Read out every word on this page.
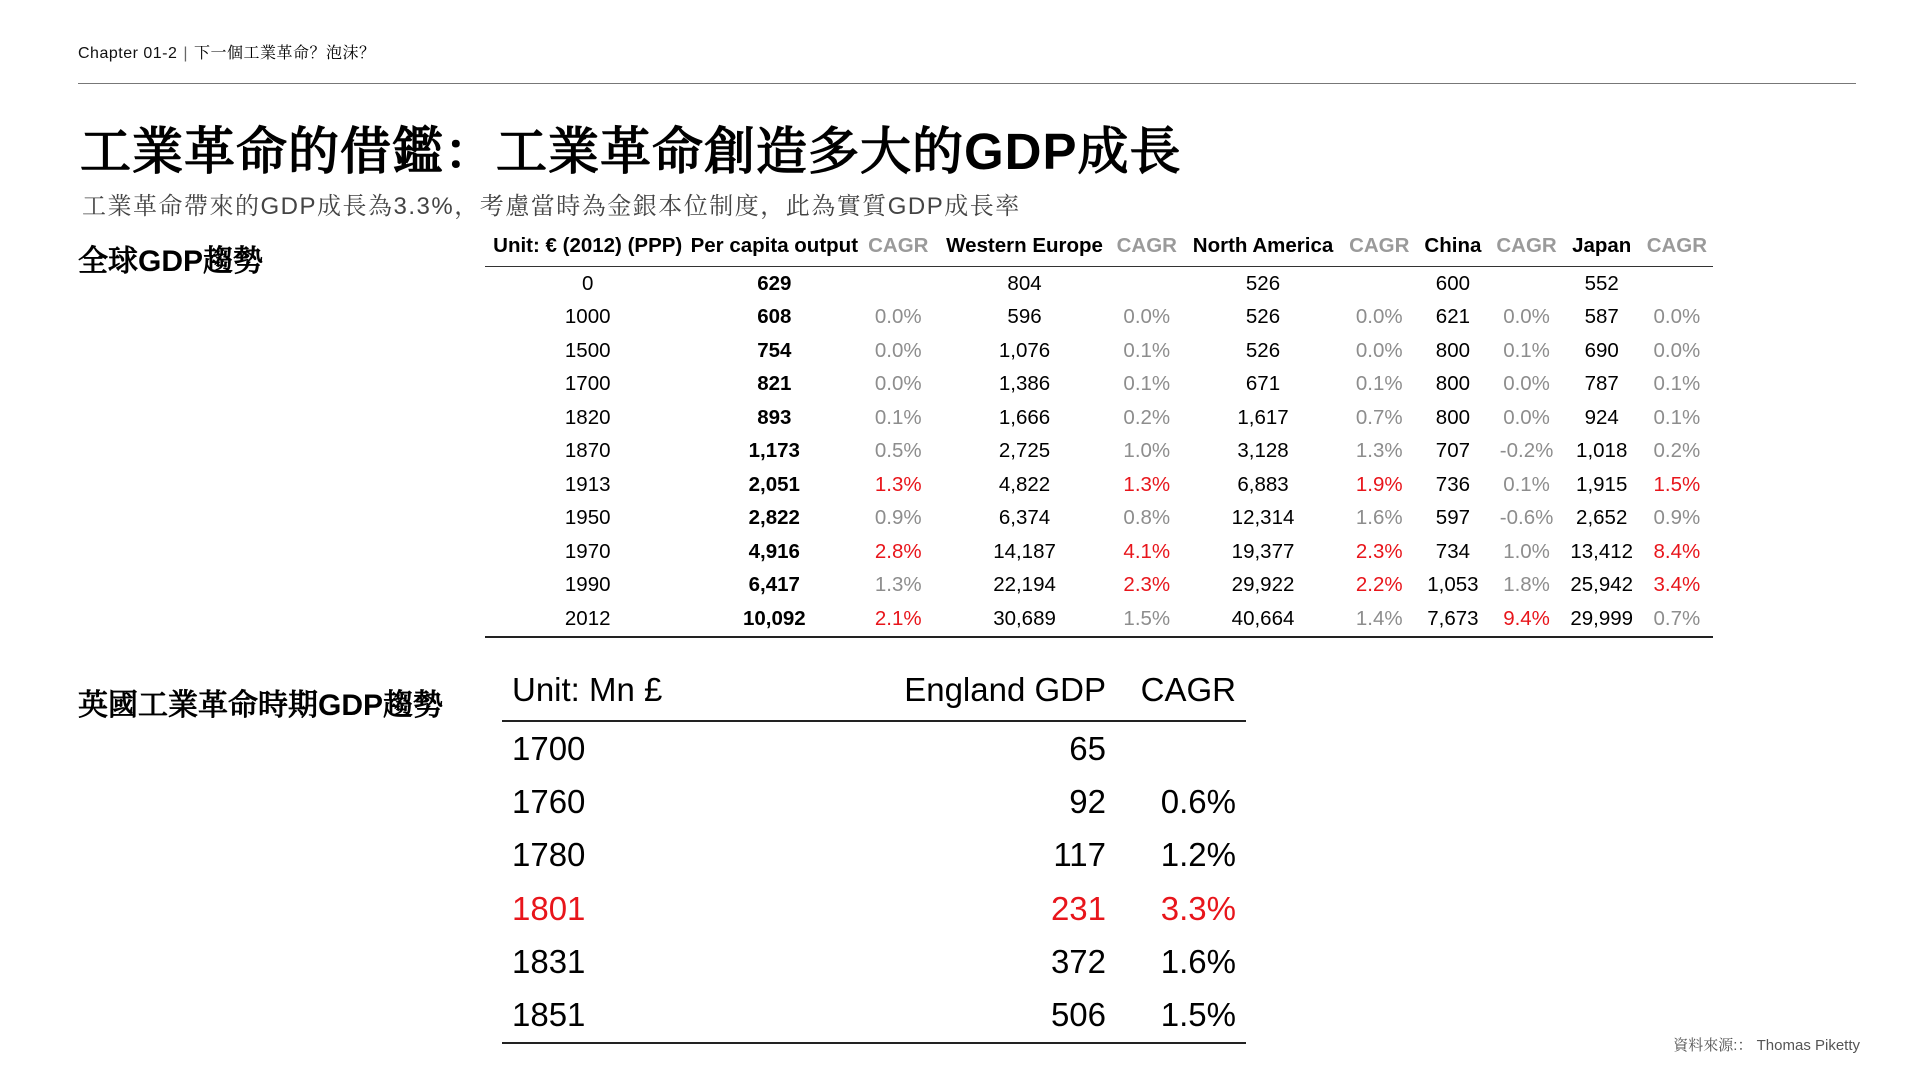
Chapter 01-2 | 下一個工業革命？泡沫？
工業革命的借鑑：工業革命創造多大的GDP成長
工業革命帶來的GDP成長為3.3%，考慮當時為金銀本位制度，此為實質GDP成長率
全球GDP趨勢	Unit: € (2012) (PPP)	Per capita output	CAGR	Western Europe	CAGR	North America	CAGR	China	CAGR	Japan	CAGR
0	629		804		526		600		552	
1000	608	0.0%	596	0.0%	526	0.0%	621	0.0%	587	0.0%
1500	754	0.0%	1,076	0.1%	526	0.0%	800	0.1%	690	0.0%
1700	821	0.0%	1,386	0.1%	671	0.1%	800	0.0%	787	0.1%
1820	893	0.1%	1,666	0.2%	1,617	0.7%	800	0.0%	924	0.1%
1870	1,173	0.5%	2,725	1.0%	3,128	1.3%	707	-0.2%	1,018	0.2%
1913	2,051	1.3%	4,822	1.3%	6,883	1.9%	736	0.1%	1,915	1.5%
1950	2,822	0.9%	6,374	0.8%	12,314	1.6%	597	-0.6%	2,652	0.9%
1970	4,916	2.8%	14,187	4.1%	19,377	2.3%	734	1.0%	13,412	8.4%
1990	6,417	1.3%	22,194	2.3%	29,922	2.2%	1,053	1.8%	25,942	3.4%
2012	10,092	2.1%	30,689	1.5%	40,664	1.4%	7,673	9.4%	29,999	0.7%
英國工業革命時期GDP趨勢 Unit: Mn £	England GDP	CAGR
1700	65	
1760	92	0.6%
1780	117	1.2%
1801	231	3.3%
1831	372	1.6%
1851	506	1.5%
資料來源:： Thomas Piketty
